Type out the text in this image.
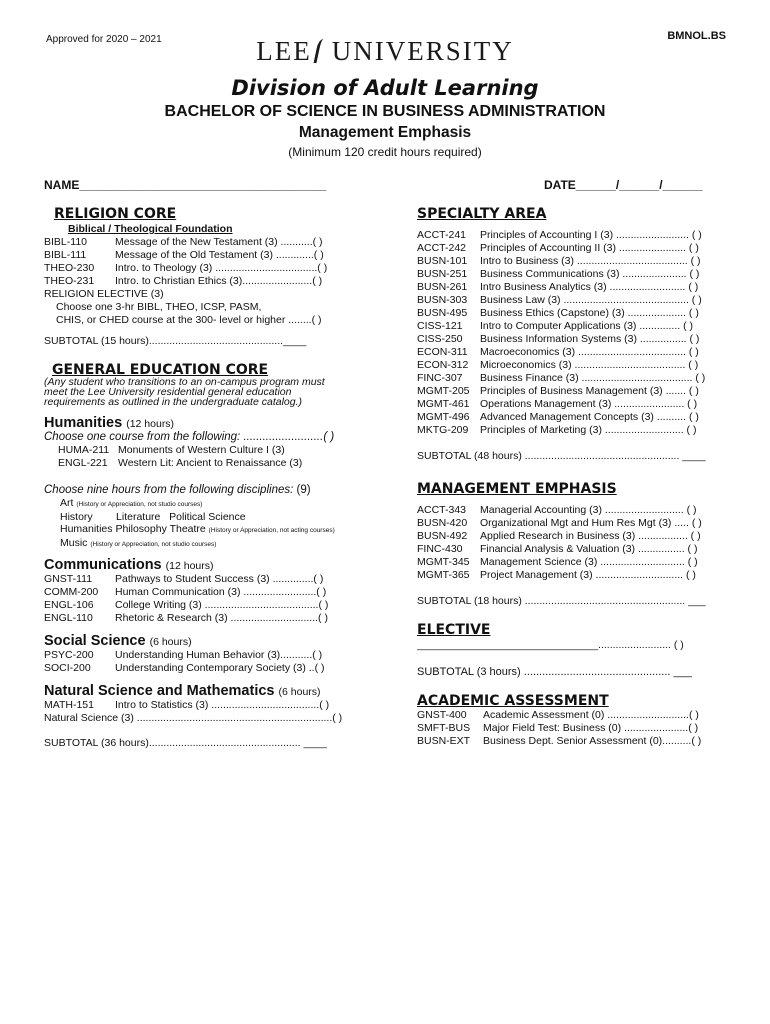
Approved for 2020 – 2021	BMNOL.BS
LEE UNIVERSITY
Division of Adult Learning
BACHELOR OF SCIENCE IN BUSINESS ADMINISTRATION
Management Emphasis
(Minimum 120 credit hours required)
NAME_____________________________________	DATE______/______/______
RELIGION CORE
Biblical / Theological Foundation
BIBL-110	Message of the New Testament (3) ...........( )
BIBL-111	Message of the Old Testament (3) .............( )
THEO-230	Intro. to Theology (3) ...................................( )
THEO-231	Intro. to Christian Ethics (3)........................( )
RELIGION ELECTIVE (3)
Choose one 3-hr BIBL, THEO, ICSP, PASM,
CHIS, or CHED course at the 300- level or higher ........( )
SUBTOTAL (15 hours)..............................................____
GENERAL EDUCATION CORE
(Any student who transitions to an on-campus program must meet the Lee University residential general education requirements as outlined in the undergraduate catalog.)
Humanities (12 hours)
Choose one course from the following: .........................( )
HUMA-211 Monuments of Western Culture I (3)
ENGL-221 Western Lit: Ancient to Renaissance (3)
Choose nine hours from the following disciplines: (9)
Art (History or Appreciation, not studio courses)
History Literature Political Science
Humanities Philosophy Theatre (History or Appreciation, not acting courses)
Music (History or Appreciation, not studio courses)
Communications (12 hours)
GNST-111	Pathways to Student Success (3) ..............( )
COMM-200	Human Communication (3) .........................( )
ENGL-106	College Writing (3) .......................................( )
ENGL-110	Rhetoric & Research (3) ..............................( )
Social Science (6 hours)
PSYC-200	Understanding Human Behavior (3)...........( )
SOCI-200	Understanding Contemporary Society (3) ..( )
Natural Science and Mathematics (6 hours)
MATH-151	Intro to Statistics (3) .....................................( )
Natural Science (3) ...................................................................( )
SUBTOTAL (36 hours).................................................... ____
SPECIALTY AREA
ACCT-241	Principles of Accounting I (3) ......................... ( )
ACCT-242	Principles of Accounting II (3) ....................... ( )
BUSN-101	Intro to Business (3) ...................................... ( )
BUSN-251	Business Communications (3) ...................... ( )
BUSN-261	Intro Business Analytics (3) .......................... ( )
BUSN-303	Business Law (3) ........................................... ( )
BUSN-495	Business Ethics (Capstone) (3) .................... ( )
CISS-121	Intro to Computer Applications (3) .............. ( )
CISS-250	Business Information Systems (3) ................ ( )
ECON-311	Macroeconomics (3) ..................................... ( )
ECON-312	Microeconomics (3) ...................................... ( )
FINC-307	Business Finance (3) ...................................... ( )
MGMT-205 Principles of Business Management (3) ....... ( )
MGMT-461 Operations Management (3) ........................ ( )
MGMT-496 Advanced Management Concepts (3) .......... ( )
MKTG-209	Principles of Marketing (3) ........................... ( )
SUBTOTAL (48 hours) ..................................................... ____
MANAGEMENT EMPHASIS
ACCT-343	Managerial Accounting (3) ........................... ( )
BUSN-420	Organizational Mgt and Hum Res Mgt (3) ..... ( )
BUSN-492	Applied Research in Business (3) ................. ( )
FINC-430	Financial Analysis & Valuation (3) ................ ( )
MGMT-345 Management Science (3) ............................. ( )
MGMT-365 Project Management (3) .............................. ( )
SUBTOTAL (18 hours) ....................................................... ___
ELECTIVE
_______________________________......................... ( )
SUBTOTAL (3 hours) ................................................ ___
ACADEMIC ASSESSMENT
GNST-400	Academic Assessment (0) ............................( )
SMFT-BUS	Major Field Test: Business (0) ......................( )
BUSN-EXT	Business Dept. Senior Assessment (0)..........( )
